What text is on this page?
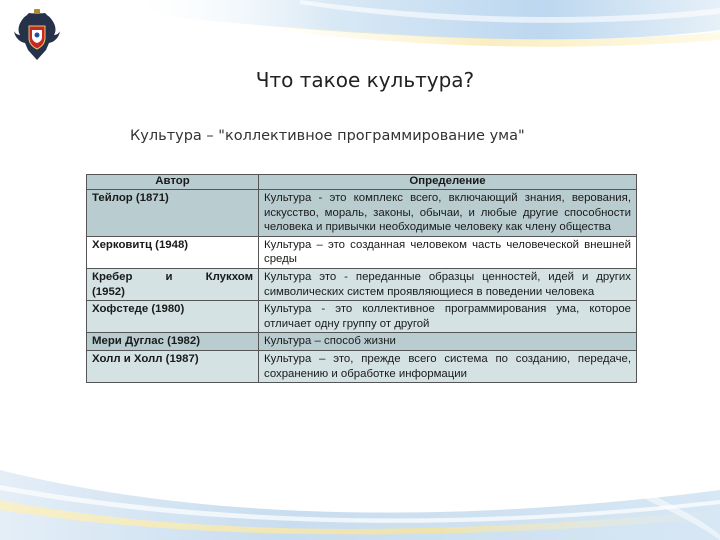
Что такое культура?
Культура – "коллективное программирование ума"
Автор	Определение
Тейлор (1871)	Культура - это комплекс всего, включающий знания, верования, искусство, мораль, законы, обычаи, и любые другие способности человека и привычки необходимые человеку как члену общества
Херковитц (1948)	Культура – это созданная человеком часть человеческой внешней среды

Кребер и Клукхом
(1952)	Культура это - переданные образцы ценностей, идей и других символических систем проявляющиеся в поведении человека
Хофстеде (1980)	Культура - это коллективное программирования ума, которое отличает одну группу от другой
Мери Дуглас (1982)	Культура – способ жизни
Холл и Холл (1987)	Культура – это, прежде всего система по созданию, передаче, сохранению и обработке информации
